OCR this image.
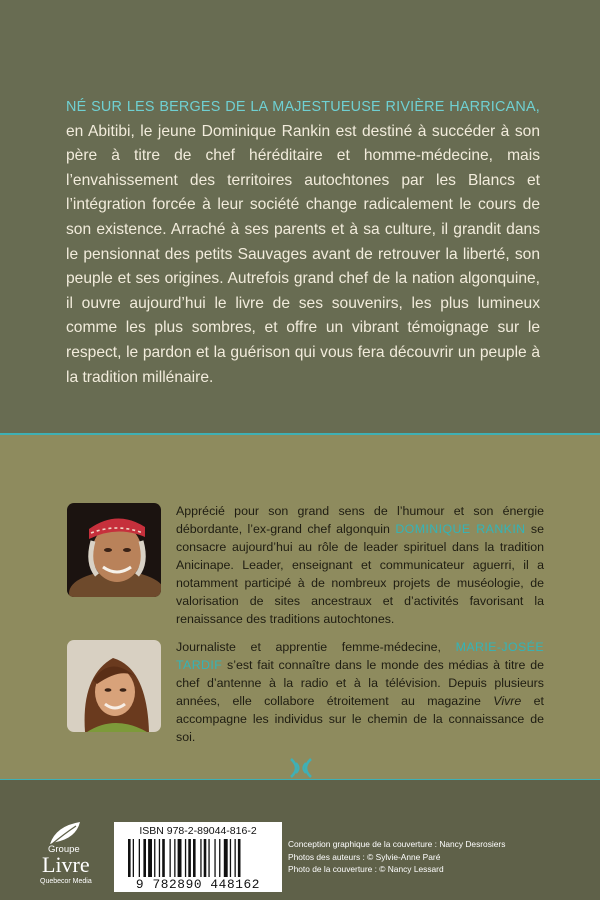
NÉ SUR LES BERGES DE LA MAJESTUEUSE RIVIÈRE HARRICANA, en Abitibi, le jeune Dominique Rankin est destiné à succéder à son père à titre de chef héréditaire et homme-médecine, mais l’envahissement des territoires autochtones par les Blancs et l’intégration forcée à leur société change radicalement le cours de son existence. Arraché à ses parents et à sa culture, il grandit dans le pensionnat des petits Sauvages avant de retrouver la liberté, son peuple et ses origines. Autrefois grand chef de la nation algonquine, il ouvre aujourd’hui le livre de ses souvenirs, les plus lumineux comme les plus sombres, et offre un vibrant témoignage sur le respect, le pardon et la guérison qui vous fera découvrir un peuple à la tradition millénaire.

Apprécié pour son grand sens de l’humour et son énergie débordante, l’ex-grand chef algonquin DOMINIQUE RANKIN se consacre aujourd’hui au rôle de leader spirituel dans la tradition Anicinape. Leader, enseignant et communicateur aguerri, il a notamment participé à de nombreux projets de muséologie, de valorisation de sites ancestraux et d’activités favorisant la renaissance des traditions autochtones.

Journaliste et apprentie femme-médecine, MARIE-JOSÉE TARDIF s’est fait connaître dans le monde des médias à titre de chef d’antenne à la radio et à la télévision. Depuis plusieurs années, elle collabore étroitement au magazine Vivre et accompagne les individus sur le chemin de la connaissance de soi.

Groupe
Livre
Quebecor Media
ISBN 978-2-89044-816-2
9 782890 448162
Conception graphique de la couverture : Nancy Desrosiers
Photos des auteurs : © Sylvie-Anne Paré
Photo de la couverture : © Nancy Lessard
